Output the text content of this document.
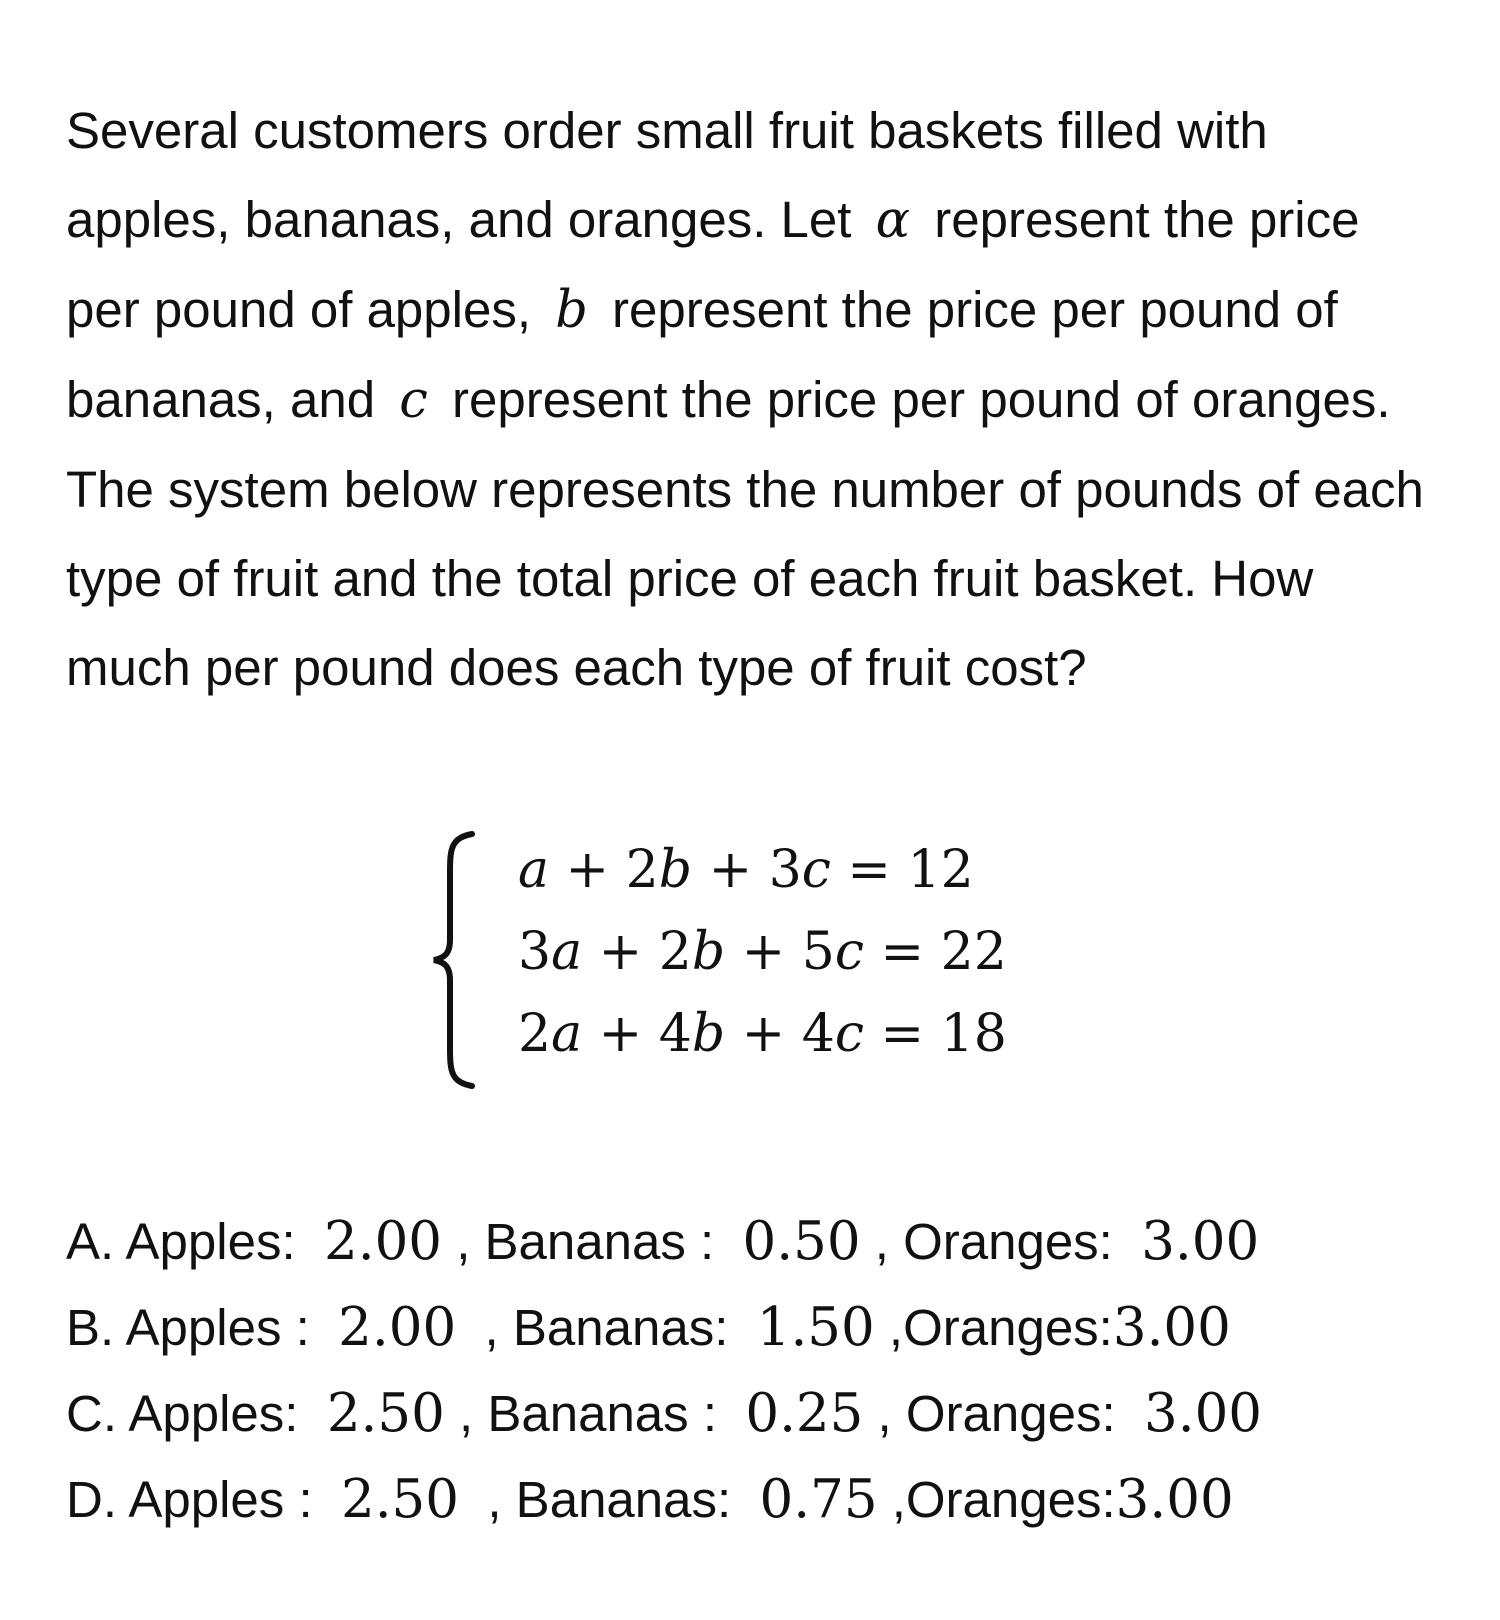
Several customers order small fruit baskets filled with apples, bananas, and oranges. Let α represent the price per pound of apples, b represent the price per pound of bananas, and c represent the price per pound of oranges. The system below represents the number of pounds of each type of fruit and the total price of each fruit basket. How much per pound does each type of fruit cost?
a + 2b + 3c = 12
3a + 2b + 5c = 22
2a + 4b + 4c = 18
A. Apples: 2.00 , Bananas : 0.50 , Oranges: 3.00
B. Apples : 2.00 , Bananas: 1.50 ,Oranges:3.00
C. Apples: 2.50 , Bananas : 0.25 , Oranges: 3.00
D. Apples : 2.50 , Bananas: 0.75 ,Oranges:3.00
